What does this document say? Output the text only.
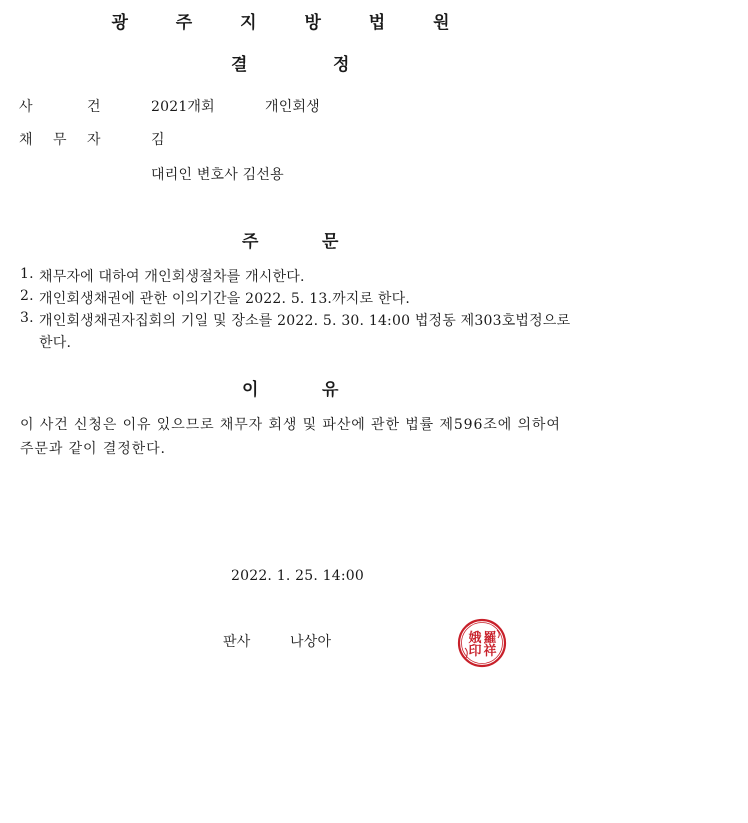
광 주 지 방 법 원
결	정
사	건	2021개회	개인회생
채 무 자	김
대리인 변호사 김선용
주	문
1. 채무자에 대하여 개인회생절차를 개시한다.
2. 개인회생채권에 관한 이의기간을 2022. 5. 13.까지로 한다.
3. 개인회생채권자집회의 기일 및 장소를 2022. 5. 30. 14:00 법정동 제303호법정으로
한다.
이	유
이 사건 신청은 이유 있으므로 채무자 회생 및 파산에 관한 법률 제596조에 의하여
주문과 같이 결정한다.
2022. 1. 25. 14:00
판사	나상아	羅
祥
娥
印
